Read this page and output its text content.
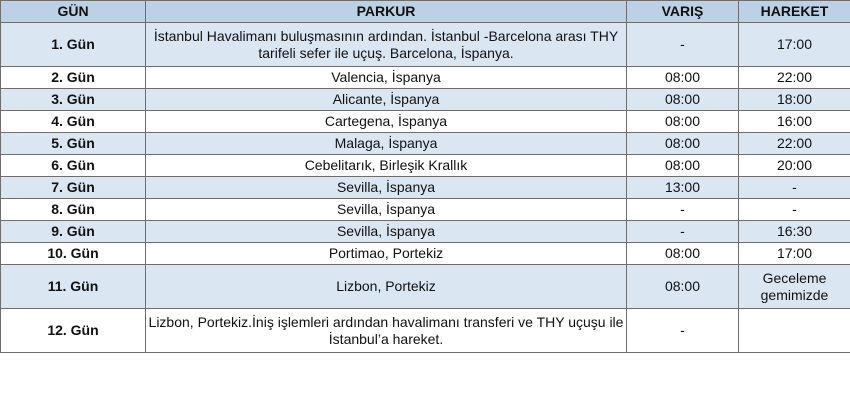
GÜN	PARKUR	VARIŞ	HAREKET
1. Gün	İstanbul Havalimanı buluşmasının ardından. İstanbul -Barcelona arası THY tarifeli sefer ile uçuş. Barcelona, İspanya.	-	17:00
2. Gün	Valencia, İspanya	08:00	22:00
3. Gün	Alicante, İspanya	08:00	18:00
4. Gün	Cartegena, İspanya	08:00	16:00
5. Gün	Malaga, İspanya	08:00	22:00
6. Gün	Cebelitarık, Birleşik Krallık	08:00	20:00
7. Gün	Sevilla, İspanya	13:00	-
8. Gün	Sevilla, İspanya	-	-
9. Gün	Sevilla, İspanya	-	16:30
10. Gün	Portimao, Portekiz	08:00	17:00
11. Gün	Lizbon, Portekiz	08:00	Geceleme gemimizde
12. Gün	Lizbon, Portekiz.İniş işlemleri ardından havalimanı transferi ve THY uçuşu ile İstanbul’a hareket.	-	
